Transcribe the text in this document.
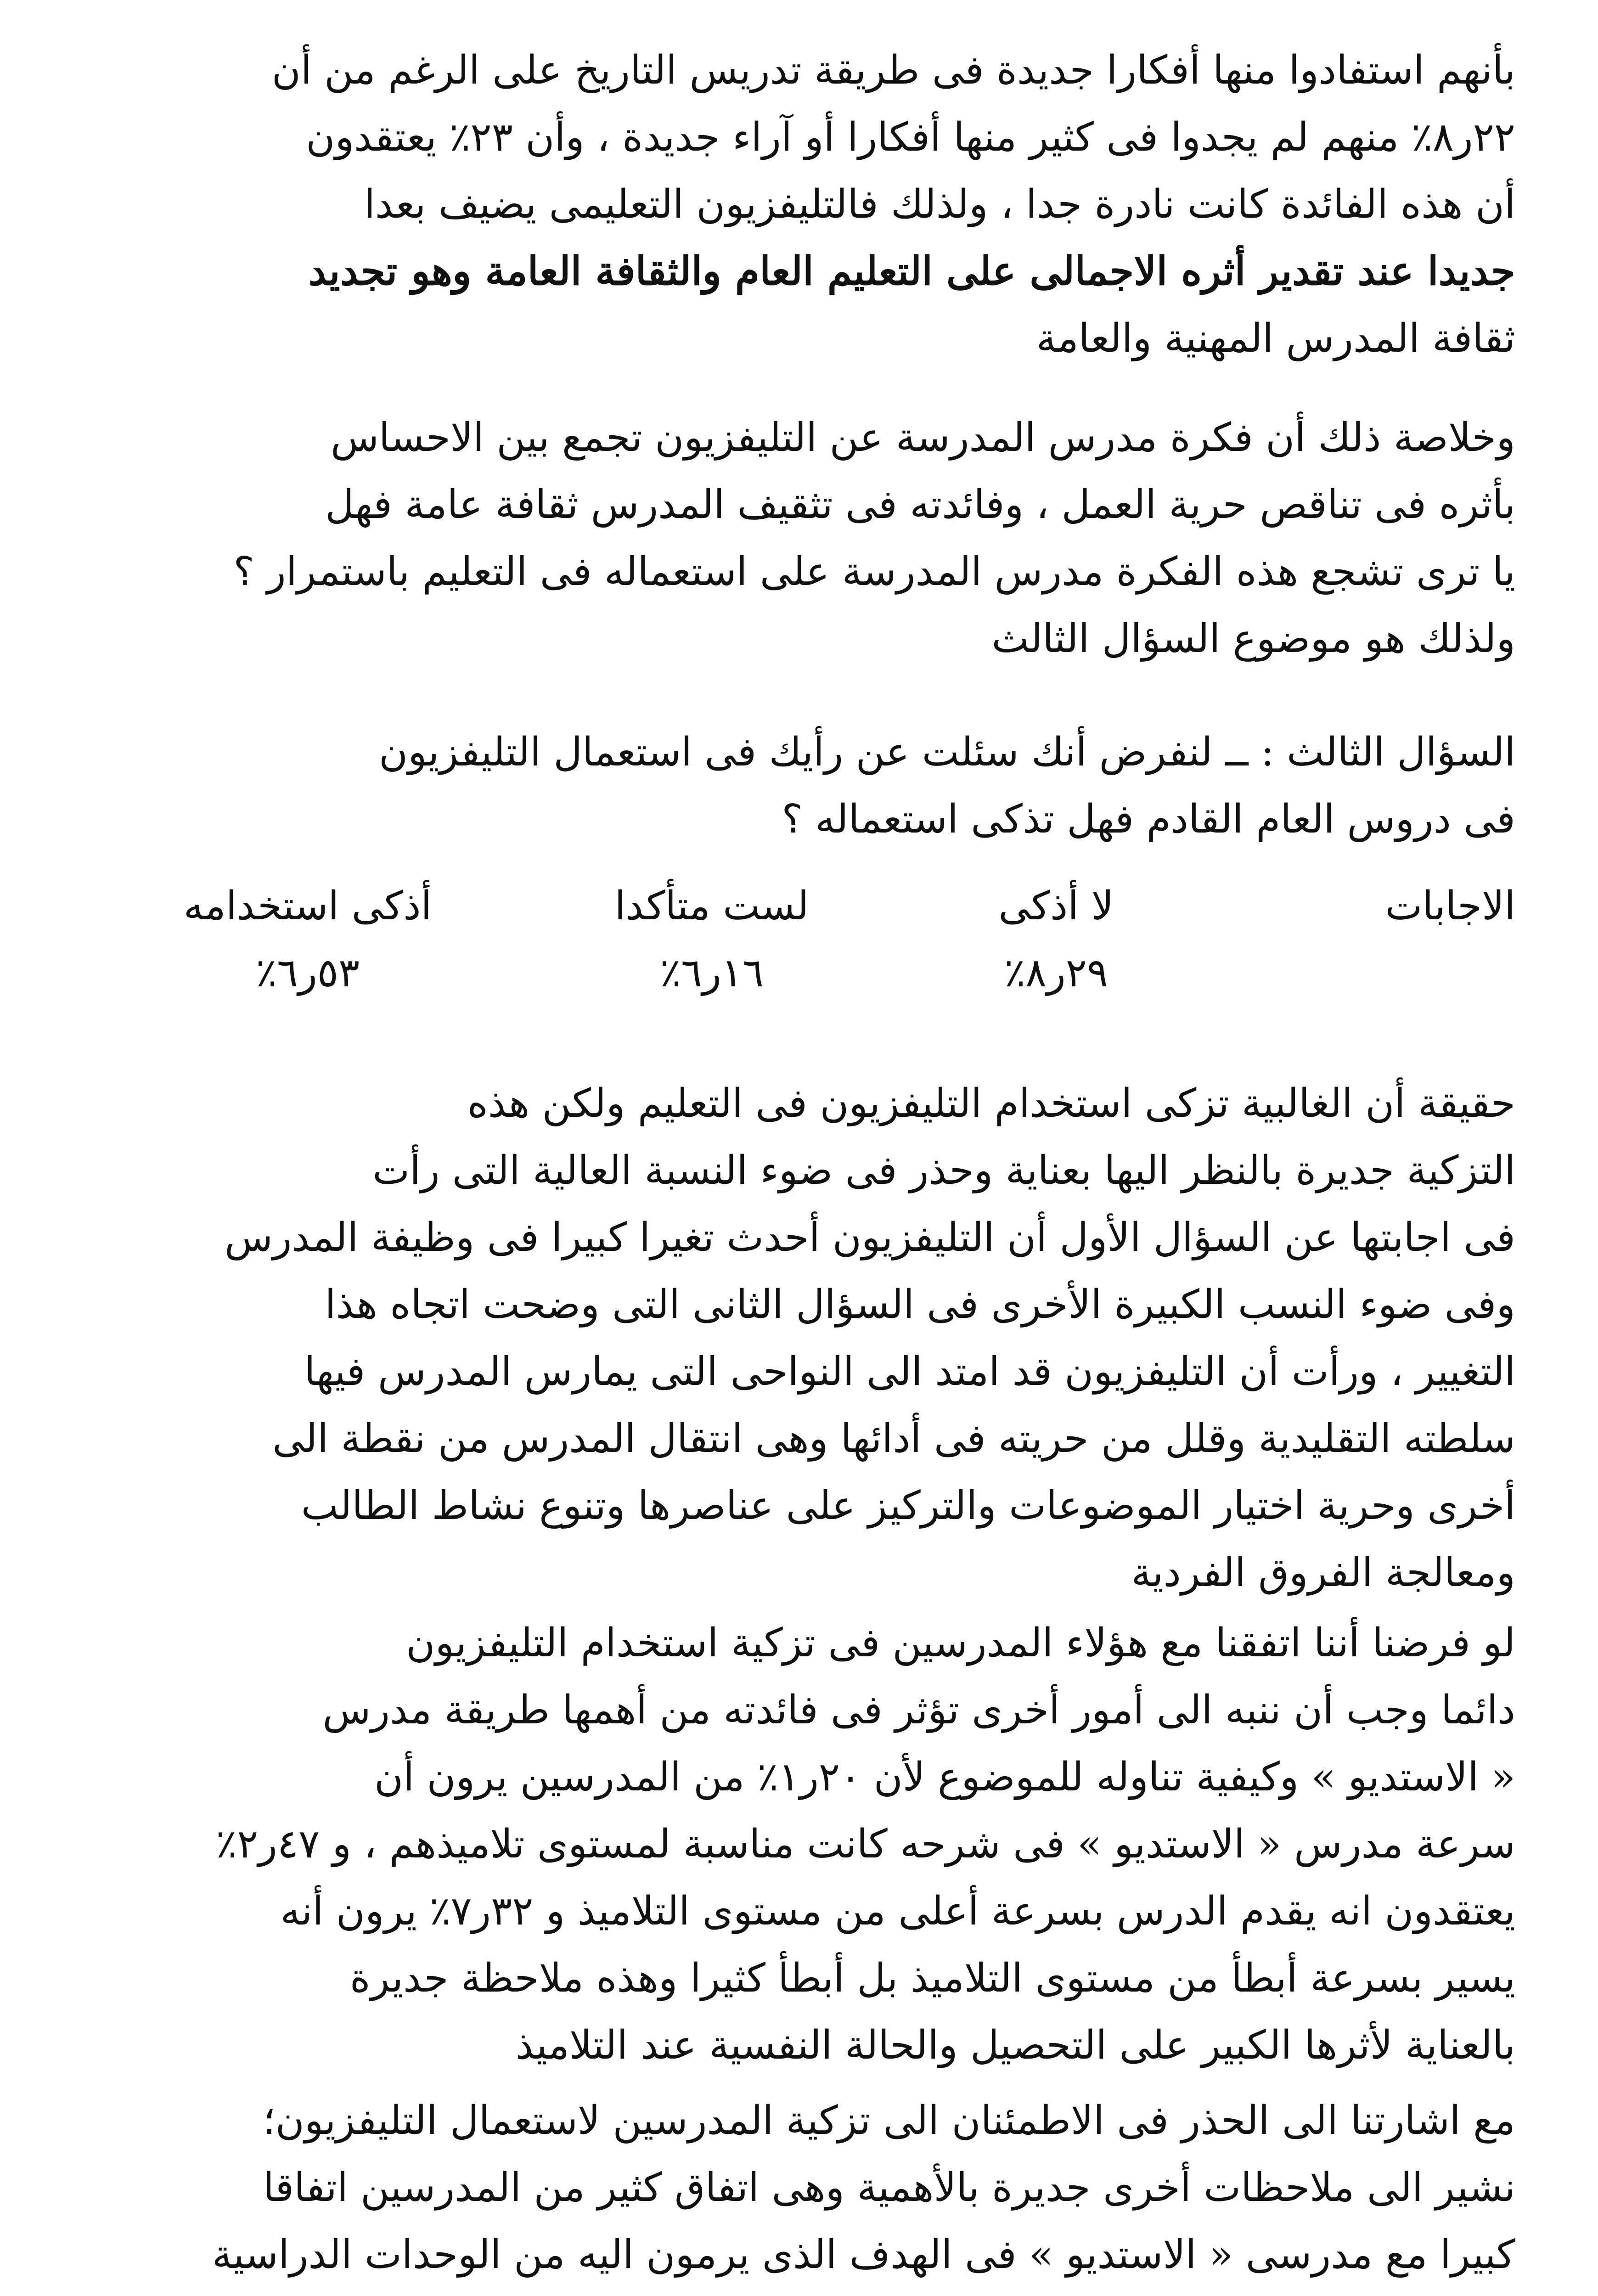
بأنهم استفادوا منها أفكارا جديدة فى طريقة تدريس التاريخ على الرغم من أن
٢٢ر٨٪ منهم لم يجدوا فى كثير منها أفكارا أو آراء جديدة ، وأن ٢٣٪ يعتقدون
أن هذه الفائدة كانت نادرة جدا ، ولذلك فالتليفزيون التعليمى يضيف بعدا
جديدا عند تقدير أثره الاجمالى على التعليم العام والثقافة العامة وهو تجديد
ثقافة المدرس المهنية والعامة

وخلاصة ذلك أن فكرة مدرس المدرسة عن التليفزيون تجمع بين الاحساس
بأثره فى تناقص حرية العمل ، وفائدته فى تثقيف المدرس ثقافة عامة فهل
يا ترى تشجع هذه الفكرة مدرس المدرسة على استعماله فى التعليم باستمرار ؟
ولذلك هو موضوع السؤال الثالث

السؤال الثالث : ــ لنفرض أنك سئلت عن رأيك فى استعمال التليفزيون
فى دروس العام القادم فهل تذكى استعماله ؟

الاجابات
لا أذكى
٢٩ر٨٪
لست متأكدا
١٦ر٦٪
أذكى استخدامه
٥٣ر٦٪

حقيقة أن الغالبية تزكى استخدام التليفزيون فى التعليم ولكن هذه
التزكية جديرة بالنظر اليها بعناية وحذر فى ضوء النسبة العالية التى رأت
فى اجابتها عن السؤال الأول أن التليفزيون أحدث تغيرا كبيرا فى وظيفة المدرس
وفى ضوء النسب الكبيرة الأخرى فى السؤال الثانى التى وضحت اتجاه هذا
التغيير ، ورأت أن التليفزيون قد امتد الى النواحى التى يمارس المدرس فيها
سلطته التقليدية وقلل من حريته فى أدائها وهى انتقال المدرس من نقطة الى
أخرى وحرية اختيار الموضوعات والتركيز على عناصرها وتنوع نشاط الطالب
ومعالجة الفروق الفردية

لو فرضنا أننا اتفقنا مع هؤلاء المدرسين فى تزكية استخدام التليفزيون
دائما وجب أن ننبه الى أمور أخرى تؤثر فى فائدته من أهمها طريقة مدرس
« الاستديو » وكيفية تناوله للموضوع لأن ٢٠ر١٪ من المدرسين يرون أن
سرعة مدرس « الاستديو » فى شرحه كانت مناسبة لمستوى تلاميذهم ، و ٤٧ر٢٪
يعتقدون انه يقدم الدرس بسرعة أعلى من مستوى التلاميذ و ٣٢ر٧٪ يرون أنه
يسير بسرعة أبطأ من مستوى التلاميذ بل أبطأ كثيرا وهذه ملاحظة جديرة
بالعناية لأثرها الكبير على التحصيل والحالة النفسية عند التلاميذ

مع اشارتنا الى الحذر فى الاطمئنان الى تزكية المدرسين لاستعمال التليفزيون؛
نشير الى ملاحظات أخرى جديرة بالأهمية وهى اتفاق كثير من المدرسين اتفاقا
كبيرا مع مدرسى « الاستديو » فى الهدف الذى يرمون اليه من الوحدات الدراسية
